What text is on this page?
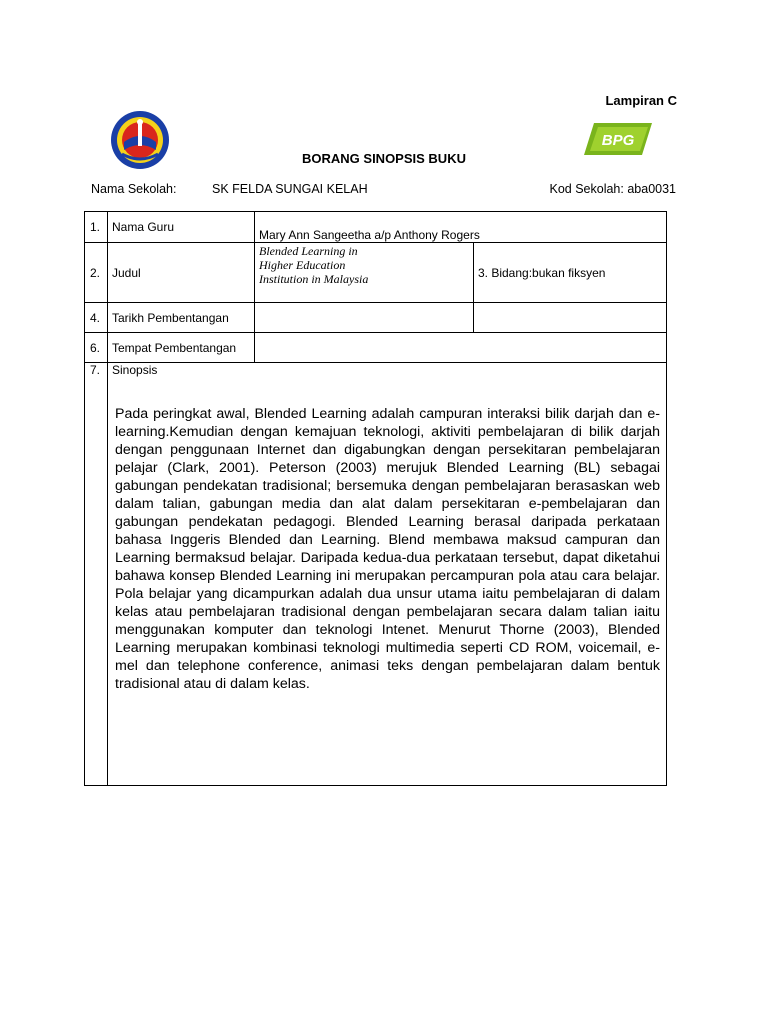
Lampiran C
BPG
BORANG SINOPSIS BUKU
Nama Sekolah:	SK FELDA SUNGAI KELAH	Kod Sekolah: aba0031
1.	Nama Guru	Mary Ann Sangeetha a/p Anthony Rogers	
2.	Judul	Blended Learning in Higher Education Institution in Malaysia	3. Bidang:bukan fiksyen
4.	Tarikh Pembentangan		
6.	Tempat Pembentangan		
7.	Sinopsis
Pada peringkat awal, Blended Learning adalah campuran interaksi bilik darjah dan e-learning.Kemudian dengan kemajuan teknologi, aktiviti pembelajaran di bilik darjah dengan penggunaan Internet dan digabungkan dengan persekitaran pembelajaran pelajar (Clark, 2001). Peterson (2003) merujuk Blended Learning (BL) sebagai gabungan pendekatan tradisional; bersemuka dengan pembelajaran berasaskan web dalam talian, gabungan media dan alat dalam persekitaran e-pembelajaran dan gabungan pendekatan pedagogi. Blended Learning berasal daripada perkataan bahasa Inggeris Blended dan Learning. Blend membawa maksud campuran dan Learning bermaksud belajar. Daripada kedua-dua perkataan tersebut, dapat diketahui bahawa konsep Blended Learning ini merupakan percampuran pola atau cara belajar. Pola belajar yang dicampurkan adalah dua unsur utama iaitu pembelajaran di dalam kelas atau pembelajaran tradisional dengan pembelajaran secara dalam talian iaitu menggunakan komputer dan teknologi Intenet. Menurut Thorne (2003), Blended Learning merupakan kombinasi teknologi multimedia seperti CD ROM, voicemail, e-mel dan telephone conference, animasi teks dengan pembelajaran dalam bentuk tradisional atau di dalam kelas.		
